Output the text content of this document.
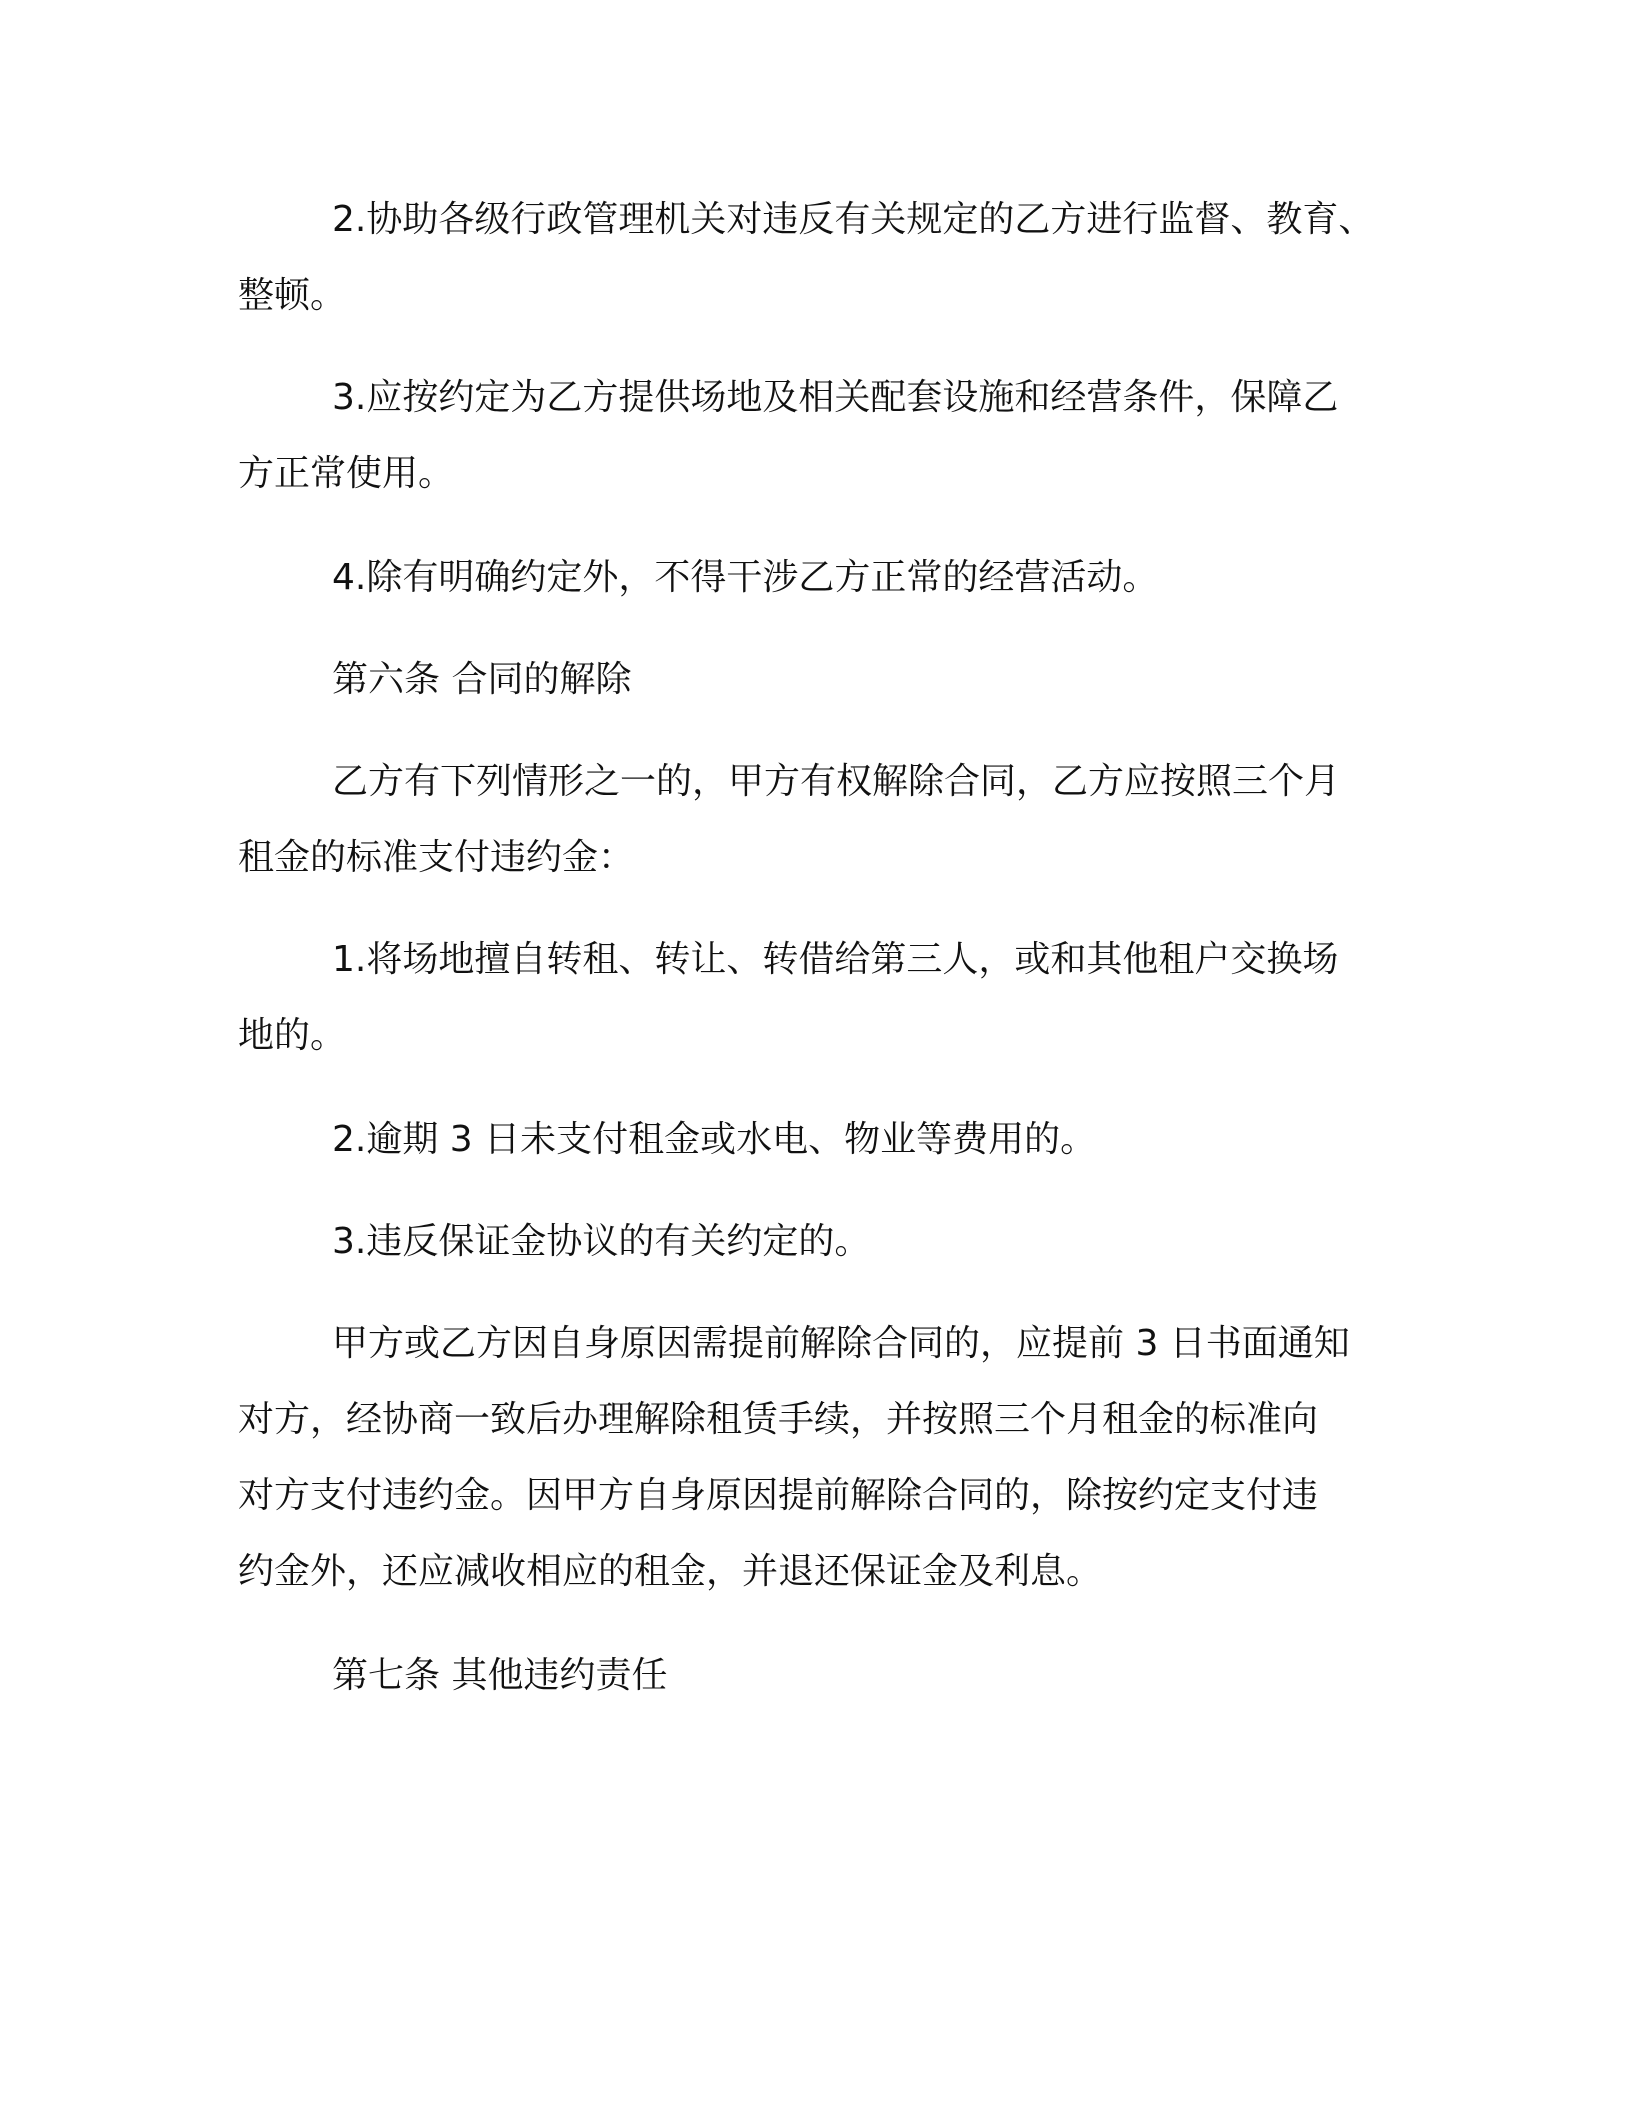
2.协助各级行政管理机关对违反有关规定的乙方进行监督、教育、
整顿。
3.应按约定为乙方提供场地及相关配套设施和经营条件，保障乙
方正常使用。
4.除有明确约定外，不得干涉乙方正常的经营活动。
第六条 合同的解除
乙方有下列情形之一的，甲方有权解除合同，乙方应按照三个月
租金的标准支付违约金：
1.将场地擅自转租、转让、转借给第三人，或和其他租户交换场
地的。
2.逾期 3 日未支付租金或水电、物业等费用的。
3.违反保证金协议的有关约定的。
甲方或乙方因自身原因需提前解除合同的，应提前 3 日书面通知
对方，经协商一致后办理解除租赁手续，并按照三个月租金的标准向
对方支付违约金。因甲方自身原因提前解除合同的，除按约定支付违
约金外，还应减收相应的租金，并退还保证金及利息。
第七条 其他违约责任
